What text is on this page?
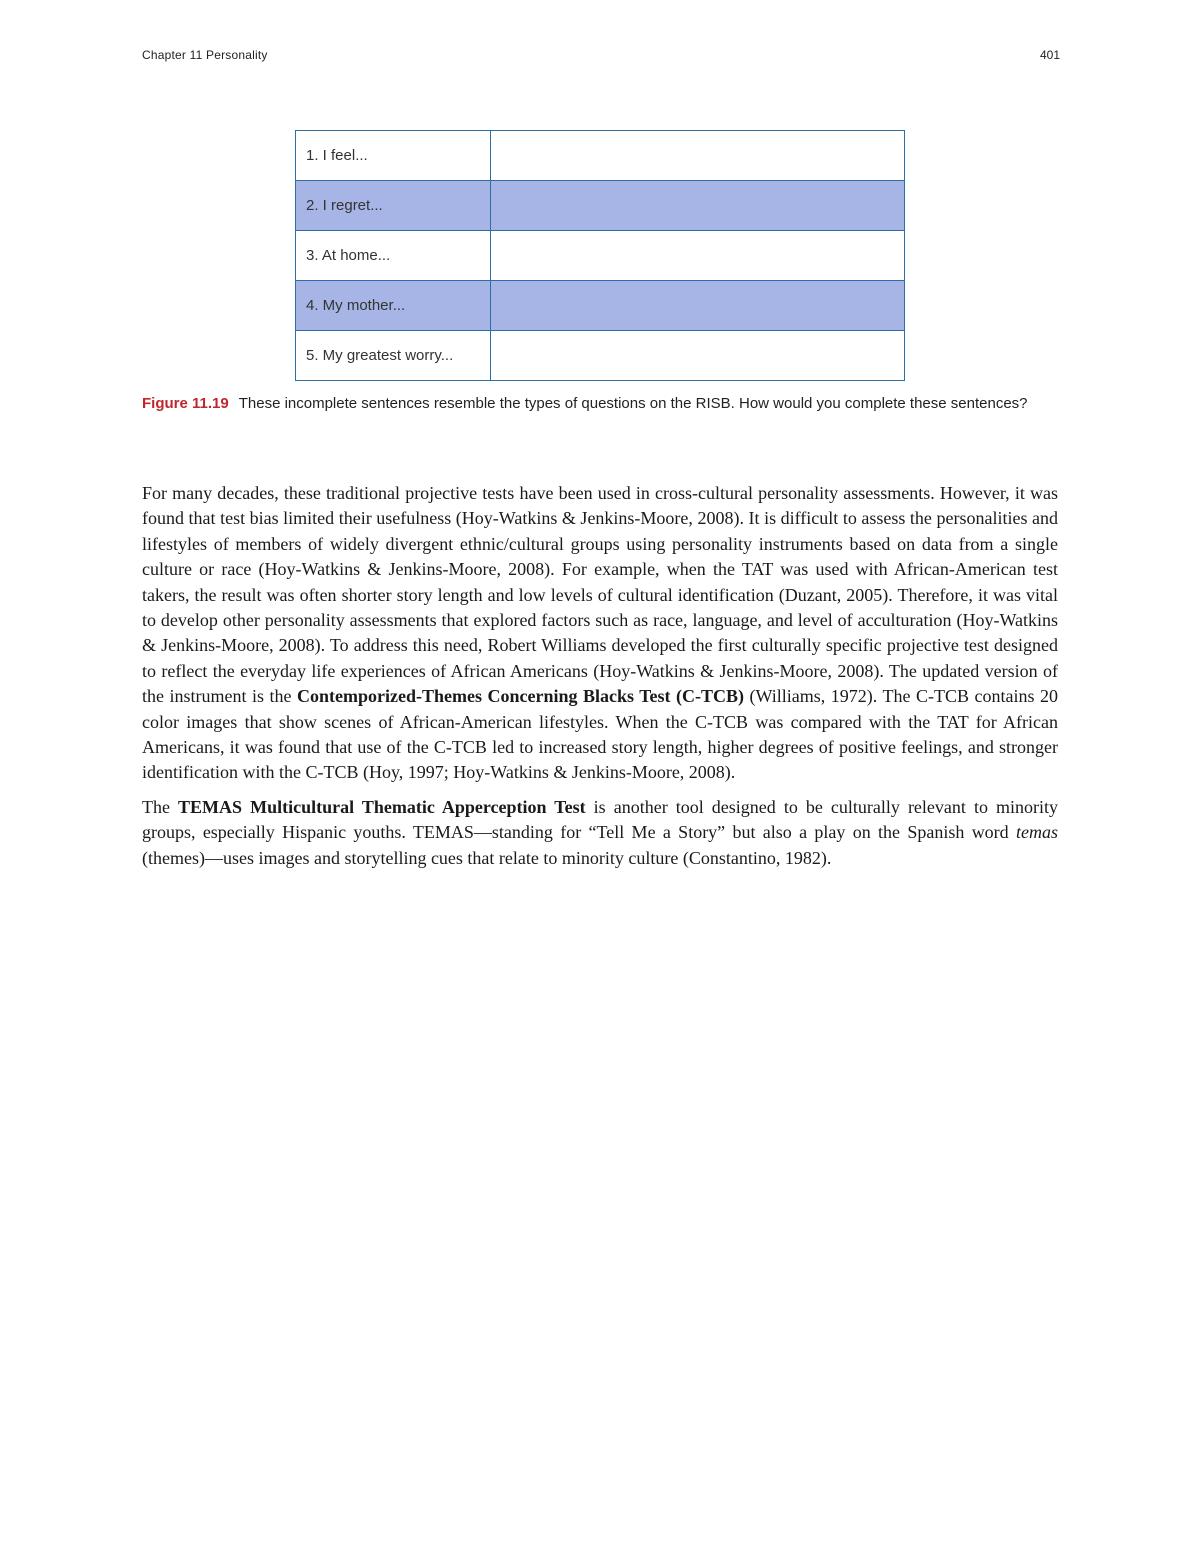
Chapter 11 Personality	401
1. I feel...	
2. I regret...	
3. At home...	
4. My mother...	
5. My greatest worry...	
Figure 11.19 These incomplete sentences resemble the types of questions on the RISB. How would you complete these sentences?

For many decades, these traditional projective tests have been used in cross-cultural personality assessments. However, it was found that test bias limited their usefulness (Hoy-Watkins & Jenkins-Moore, 2008). It is difficult to assess the personalities and lifestyles of members of widely divergent ethnic/cultural groups using personality instruments based on data from a single culture or race (Hoy-Watkins & Jenkins-Moore, 2008). For example, when the TAT was used with African-American test takers, the result was often shorter story length and low levels of cultural identification (Duzant, 2005). Therefore, it was vital to develop other personality assessments that explored factors such as race, language, and level of acculturation (Hoy-Watkins & Jenkins-Moore, 2008). To address this need, Robert Williams developed the first culturally specific projective test designed to reflect the everyday life experiences of African Americans (Hoy-Watkins & Jenkins-Moore, 2008). The updated version of the instrument is the Contemporized-Themes Concerning Blacks Test (C-TCB) (Williams, 1972). The C-TCB contains 20 color images that show scenes of African-American lifestyles. When the C-TCB was compared with the TAT for African Americans, it was found that use of the C-TCB led to increased story length, higher degrees of positive feelings, and stronger identification with the C-TCB (Hoy, 1997; Hoy-Watkins & Jenkins-Moore, 2008).

The TEMAS Multicultural Thematic Apperception Test is another tool designed to be culturally relevant to minority groups, especially Hispanic youths. TEMAS—standing for “Tell Me a Story” but also a play on the Spanish word temas (themes)—uses images and storytelling cues that relate to minority culture (Constantino, 1982).
